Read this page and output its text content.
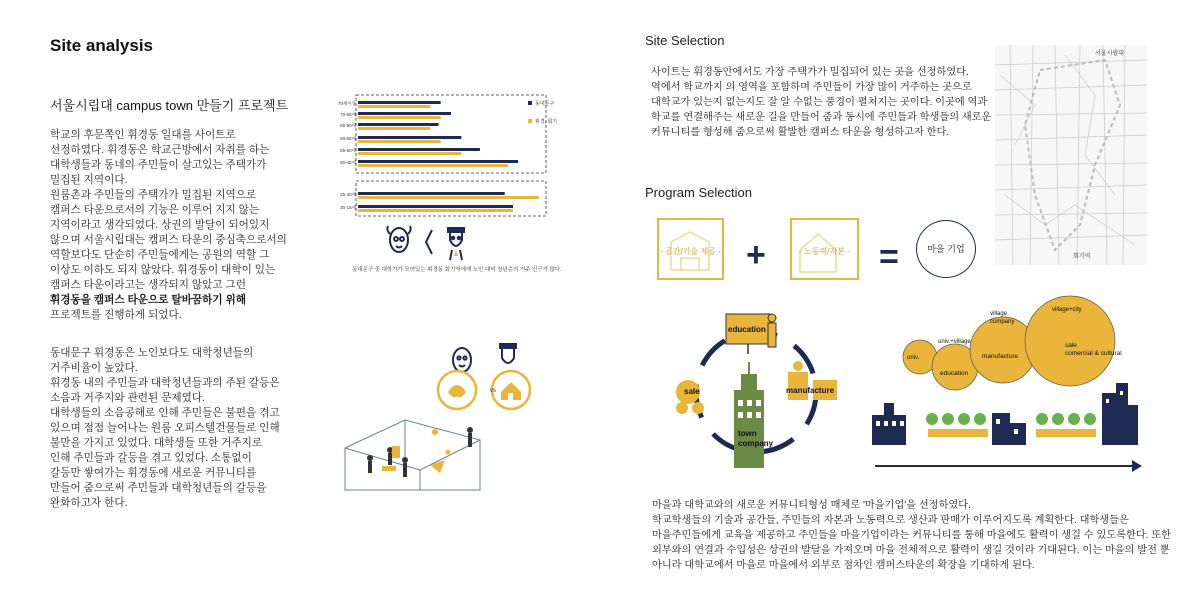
Site analysis
서울시립대 campus town 만들기 프로젝트
학교의 후문쪽인 휘경동 일대를 사이트로
선정하였다. 휘경동은 학교근방에서 자취를 하는
대학생들과 동네의 주민들이 살고있는 주택가가
밀집된 지역이다.
원룸촌과 주민들의 주택가가 밀집된 지역으로
캠퍼스 타운으로서의 기능은 이루어 지지 않는
지역이라고 생각되었다. 상권의 발달이 되어있지
않으며 서울시립대는 캠퍼스 타운의 중심축으로서의
역할보다도 단순히 주민들에게는 공원의 역할 그
이상도 이하도 되지 않았다. 휘경동이 대학이 있는
캠퍼스 타운이라고는 생각되지 않았고 그런
휘경동을 캠퍼스 타운으로 탈바꿈하기 위해
프로젝트를 진행하게 되었다.
동대문구 휘경동은 노인보다도 대학청년들의
거주비율이 높았다.
휘경동 내의 주민들과 대학청년들과의 주된 갈등은
소음과 거주지와 관련된 문제였다.
대학생들의 소음공해로 인해 주민들은 불편을 겪고
있으며 점점 늘어나는 원룸 오피스텔건물들로 인해
불만을 가지고 있었다. 대학생들 또한 거주지로
인해 주민들과 갈등을 겪고 있었다. 소통없이
갈등만 쌓여가는 휘경동에 새로운 커뮤니티를
만들어 줌으로써 주민들과 대학청년들의 갈등을
완화하고자 한다.
70세이상
70-65세
65-60세
60-55세
55-50세
50-45세
25-30세
20-15세
동대문구
휘경, 회기
동대문구 중 대학가가 모여있는 휘경동 회기역에에 노인 대비 청년층의 거주 인구가 많다.
vs
Site Selection
사이트는 휘경동안에서도 가장 주택가가 밀집되어 있는 곳을 선정하였다.
역에서 학교까지 의 영역을 포함하며 주민들이 가장 많이 거주하는 곳으로
대학교가 있는지 없는지도 잘 알 수없는 풍경이 펼쳐지는 곳이다. 이곳에 역과
학교를 연결해주는 새로운 길을 만들어 줌과 동시에 주민들과 학생들의 새로운
커뮤니티를 형성해 줌으로써 활발한 캠퍼스 타운을 형성하고자 한다.
서울시립대
회기역
Program Selection
- 공간/기술 제공 - +	- 노동력/자본 - =	마을 기업
education
sale	manufacture
town company
univ.
univ.+village
education
village company
manufacture
village+city
sale comercial & cultural
마을과 대학교와의 새로운 커뮤니티형성 매체로 '마을기업'을 선정하였다.
학교학생들의 기술과 공간들, 주민들의 자본과 노동력으로 생산과 판매가 이루어지도록 계획한다. 대학생들은
마을주민들에게 교육을 제공하고 주민들을 마을기업이라는 커뮤니티를 통해 마을에도 활력이 생길 수 있도록한다. 또한
외부와의 연결과 수입성은 상권의 발달을 가져오며 마을 전체적으로 활력이 생길 것이라 기대된다. 이는 마을의 발전 뿐
아니라 대학교에서 마을로 마을에서 외부로 점차인 캠퍼스타운의 확장을 기대하게 된다.
